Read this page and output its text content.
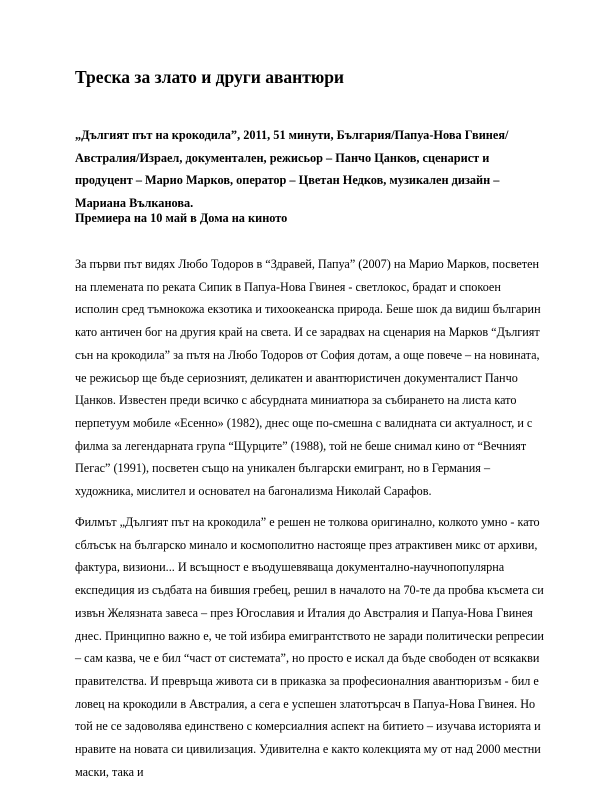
Треска за злато и други авантюри

„Дългият път на крокодила”, 2011, 51 минути, България/Папуа-Нова Гвинея/Австралия/Израел, документален, режисьор – Панчо Цанков, сценарист и продуцент – Марио Марков, оператор – Цветан Недков, музикален дизайн – Мариана Вълканова.

Премиера на 10 май в Дома на киното

За първи път видях Любо Тодоров в “Здравей, Папуа” (2007) на Марио Марков, посветен на племената по реката Сипик в Папуа-Нова Гвинея - светлокос, брадат и спокоен исполин сред тъмнокожа екзотика и тихоокеанска природа. Беше шок да видиш българин като античен бог на другия край на света. И се зарадвах на сценария на Марков “Дългият сън на крокодила” за пътя на Любо Тодоров от София дотам, а още повече – на новината, че режисьор ще бъде сериозният, деликатен и авантюристичен документалист Панчо Цанков. Известен преди всичко с абсурдната миниатюра за събирането на листа като перпетуум мобиле «Есенно» (1982), днес още по-смешна с валидната си актуалност, и с филма за легендарната група “Щурците” (1988), той не беше снимал кино от “Вечният Пегас” (1991), посветен също на уникален български емигрант, но в Германия – художника, мислител и основател на багонализма Николай Сарафов.

Филмът „Дългият път на крокодила” е решен не толкова оригинално, колкото умно - като сблъсък на българско минало и космополитно настояще през атрактивен микс от архиви, фактура, визиони... И всъщност е въодушевяваща документално-научнопопулярна експедиция из съдбата на бившия гребец, решил в началото на 70-те да пробва късмета си извън Желязната завеса – през Югославия и Италия до Австралия и Папуа-Нова Гвинея днес. Принципно важно е, че той избира емигрантството не заради политически репресии – сам казва, че е бил “част от системата”, но просто е искал да бъде свободен от всякакви правителства. И превръща живота си в приказка за професионалния авантюризъм - бил е ловец на крокодили в Австралия, а сега е успешен златотърсач в Папуа-Нова Гвинея. Но той не се задоволява единствено с комерсиалния аспект на битието – изучава историята и нравите на новата си цивилизация. Удивителна е както колекцията му от над 2000 местни маски, така и
